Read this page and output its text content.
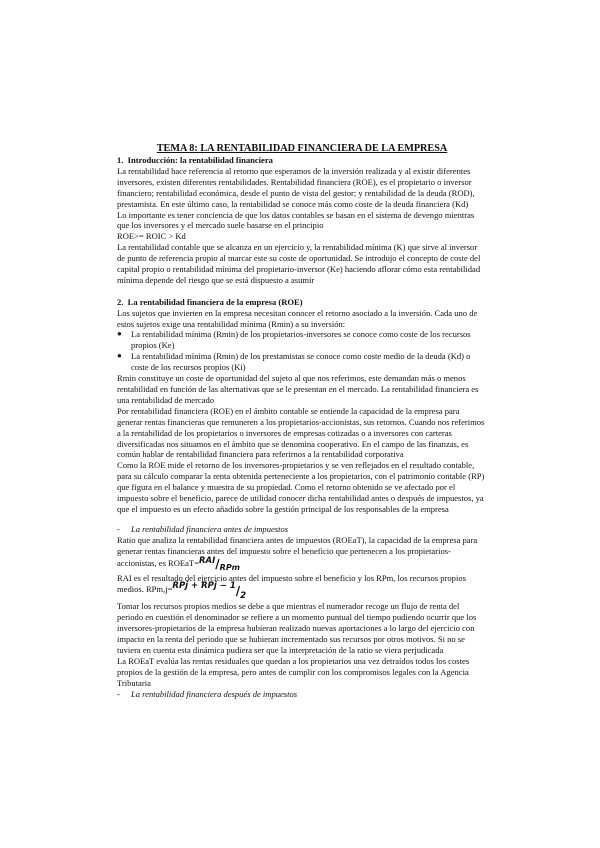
TEMA 8: LA RENTABILIDAD FINANCIERA DE LA EMPRESA

1.  Introducción: la rentabilidad financiera

La rentabilidad hace referencia al retorno que esperamos de la inversión realizada y al existir diferentes inversores, existen diferentes rentabilidades. Rentabilidad financiera (ROE), es el propietario o inversor financiero; rentabilidad económica, desde el punto de vista del gestor; y rentabilidad de la deuda (ROD), prestamista. En este último caso, la rentabilidad se conoce más como coste de la deuda financiera (Kd)

Lo importante es tener conciencia de que los datos contables se basan en el sistema de devengo mientras que los inversores y el mercado suele basarse en el principio

ROE>= ROIC > Kd

La rentabilidad contable que se alcanza en un ejercicio y, la rentabilidad mínima (K) que sirve al inversor de punto de referencia propio al marcar este su coste de oportunidad. Se introdujo el concepto de coste del capital propio o rentabilidad mínima del propietario-inversor (Ke) haciendo aflorar cómo esta rentabilidad mínima depende del riesgo que se está dispuesto a asumir

2.  La rentabilidad financiera de la empresa (ROE)

Los sujetos que invierten en la empresa necesitan conocer el retorno asociado a la inversión. Cada uno de estos sujetos exige una rentabilidad mínima (Rmin) a su inversión:

● La rentabilidad mínima (Rmin) de los propietarios-inversores se conoce como coste de los recursos propios (Ke)
● La rentabilidad mínima (Rmin) de los prestamistas se conoce como coste medio de la deuda (Kd) o coste de los recursos propios (Ki)

Rmin constituye un coste de oportunidad del sujeto al que nos referimos, este demandan más o menos rentabilidad en función de las alternativas que se le presentan en el mercado. La rentabilidad financiera es una rentabilidad de mercado

Por rentabilidad financiera (ROE) en el ámbito contable se entiende la capacidad de la empresa para generar rentas financieras que remuneren a los propietarios-accionistas, sus retornos. Cuando nos referimos a la rentabilidad de los propietarios o inversores de empresas cotizadas o a inversores con carteras diversificadas nos situamos en el ámbito que se denomina cooperativo. En el campo de las finanzas, es común hablar de rentabilidad financiera para referirnos a la rentabilidad corporativa

Como la ROE mide el retorno de los inversores-propietarios y se ven reflejados en el resultado contable, para su cálculo comparar la renta obtenida perteneciente a los propietarios, con el patrimonio contable (RP) que figura en el balance y muestra de su propiedad. Como el retorno obtenido se ve afectado por el impuesto sobre el beneficio, parece de utilidad conocer dicha rentabilidad antes o después de impuestos, ya que el impuesto es un efecto añadido sobre la gestión principal de los responsables de la empresa

- La rentabilidad financiera antes de impuestos

Ratio que analiza la rentabilidad financiera antes de impuestos (ROEaT), la capacidad de la empresa para generar rentas financieras antes del impuesto sobre el beneficio que pertenecen a los propietarios-accionistas, es ROEaT=RAI/RPm

RAI es el resultado del ejercicio antes del impuesto sobre el beneficio y los RPm, los recursos propios medios. RPm,j=RPj + RPj − 1/2

Tomar los recursos propios medios se debe a que mientras el numerador recoge un flujo de renta del periodo en cuestión el denominador se refiere a un momento puntual del tiempo pudiendo ocurrir que los inversores-propietarios de la empresa hubieran realizado nuevas aportaciones a lo largo del ejercicio con impacto en la renta del periodo que se hubieran incrementado sus recursos por otros motivos. Si no se tuviera en cuenta esta dinámica pudiera ser que la interpretación de la ratio se viera perjudicada

La ROEaT evalúa las rentas residuales que quedan a los propietarios una vez detraídos todos los costes propios de la gestión de la empresa, pero antes de cumplir con los compromisos legales con la Agencia Tributaria

- La rentabilidad financiera después de impuestos
